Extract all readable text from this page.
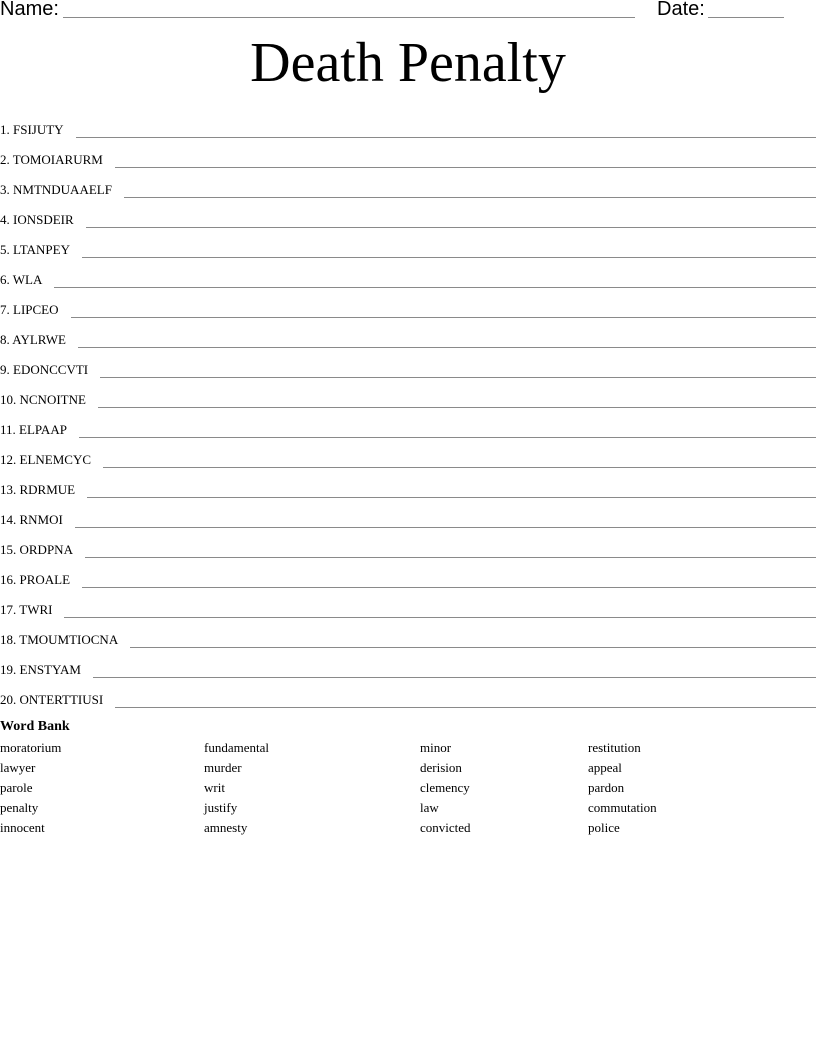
Name:	Date:
Death Penalty
1. FSIJUTY
2. TOMOIARURM
3. NMTNDUAAELF
4. IONSDEIR
5. LTANPEY
6. WLA
7. LIPCEO
8. AYLRWE
9. EDONCCVTI
10. NCNOITNE
11. ELPAAP
12. ELNEMCYC
13. RDRMUE
14. RNMOI
15. ORDPNA
16. PROALE
17. TWRI
18. TMOUMTIOCNA
19. ENSTYAM
20. ONTERTTIUSI
Word Bank
moratorium
lawyer
parole
penalty
innocent
fundamental
murder
writ
justify
amnesty
minor
derision
clemency
law
convicted
restitution
appeal
pardon
commutation
police
